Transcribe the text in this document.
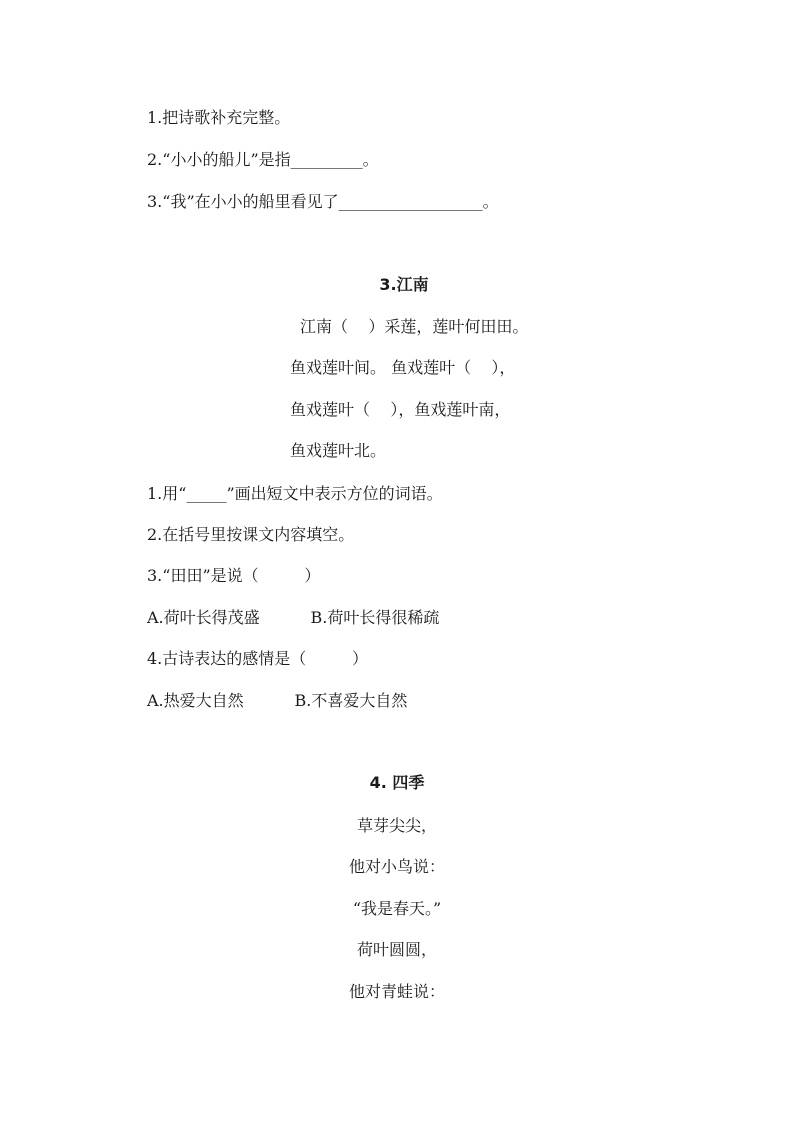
1.把诗歌补充完整。
2.“小小的船儿”是指_________。
3.“我”在小小的船里看见了__________________。
3.江南
江南（    ）采莲，莲叶何田田。
鱼戏莲叶间。 鱼戏莲叶（    ），
鱼戏莲叶（    ），鱼戏莲叶南，
鱼戏莲叶北。
1.用“_____”画出短文中表示方位的词语。
2.在括号里按课文内容填空。
3.“田田”是说（         ）
A.荷叶长得茂盛          B.荷叶长得很稀疏
4.古诗表达的感情是（         ）
A.热爱大自然          B.不喜爱大自然
4. 四季
草芽尖尖，
他对小鸟说：
“我是春天。”
荷叶圆圆，
他对青蛙说：
